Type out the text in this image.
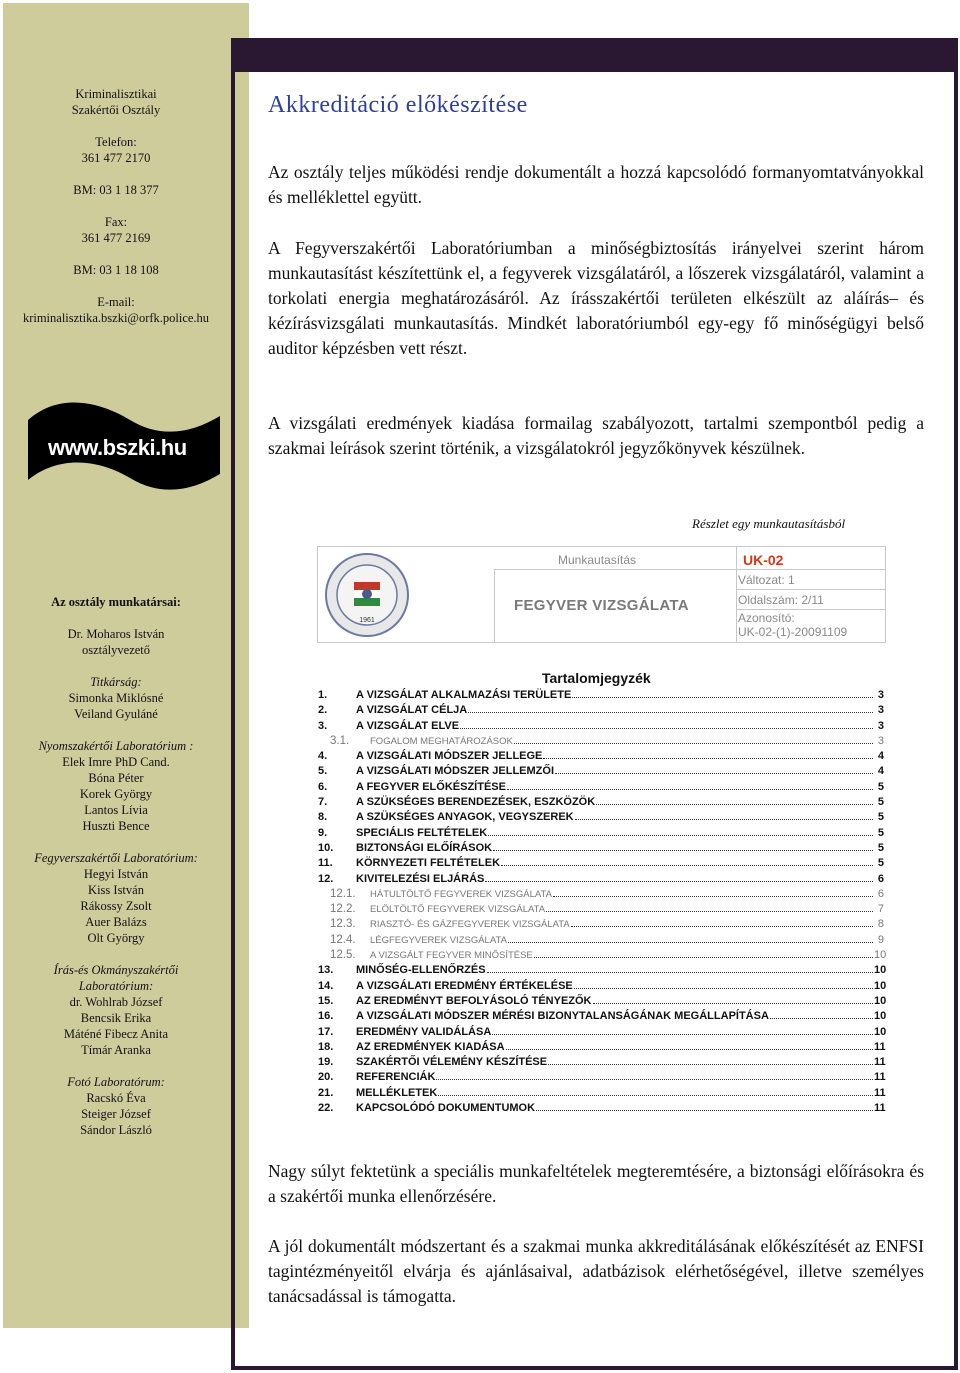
Kriminalisztikai
Szakértői Osztály
Telefon:
361 477 2170
BM: 03 1 18 377
Fax:
361 477 2169
BM: 03 1 18 108
E-mail:
kriminalisztika.bszki@orfk.police.hu
www.bszki.hu
Az osztály munkatársai:
Dr. Moharos István
osztályvezető
Titkárság:
Simonka Miklósné
Veiland Gyuláné
Nyomszakértői Laboratórium :
Elek Imre PhD Cand.
Bóna Péter
Korek György
Lantos Lívia
Huszti Bence
Fegyverszakértői Laboratórium:
Hegyi István
Kiss István
Rákossy Zsolt
Auer Balázs
Olt György
Írás-és Okmányszakértői
Laboratórium:
dr. Wohlrab József
Bencsik Erika
Máténé Fibecz Anita
Tímár Aranka
Fotó Laboratórum:
Racskó Éva
Steiger József
Sándor László
Akkreditáció előkészítése
Az osztály teljes működési rendje dokumentált a hozzá kapcsolódó formanyomtatványokkal és melléklettel együtt.
A Fegyverszakértői Laboratóriumban a minőségbiztosítás irányelvei szerint három munkautasítást készítettünk el, a fegyverek vizsgálatáról, a lőszerek vizsgálatáról, valamint a torkolati energia meghatározásáról. Az írásszakértői területen elkészült az aláírás– és kézírásvizsgálati munkautasítás. Mindkét laboratóriumból egy-egy fő minőségügyi belső auditor képzésben vett részt.
A vizsgálati eredmények kiadása formailag szabályozott, tartalmi szempontból pedig a szakmai leírások szerint történik, a vizsgálatokról jegyzőkönyvek készülnek.
Részlet egy munkautasításból
1961
Munkautasítás
FEGYVER VIZSGÁLATA
UK-02
Változat: 1
Oldalszám: 2/11
Azonosító:
UK-02-(1)-20091109
Tartalomjegyzék
1.	A VIZSGÁLAT ALKALMAZÁSI TERÜLETE	3
2.	A VIZSGÁLAT CÉLJA	3
3.	A VIZSGÁLAT ELVE	3
3.1.	FOGALOM MEGHATÁROZÁSOK	3
4.	A VIZSGÁLATI MÓDSZER JELLEGE	4
5.	A VIZSGÁLATI MÓDSZER JELLEMZŐI	4
6.	A FEGYVER ELŐKÉSZÍTÉSE	5
7.	A SZÜKSÉGES BERENDEZÉSEK, ESZKÖZÖK	5
8.	A SZÜKSÉGES ANYAGOK, VEGYSZEREK	5
9.	SPECIÁLIS FELTÉTELEK	5
10.	BIZTONSÁGI ELŐÍRÁSOK	5
11.	KÖRNYEZETI FELTÉTELEK	5
12.	KIVITELEZÉSI ELJÁRÁS	6
12.1.	HÁTULTÖLTŐ FEGYVEREK VIZSGÁLATA	6
12.2.	ELÖLTÖLTŐ FEGYVEREK VIZSGÁLATA	7
12.3.	RIASZTÓ- ÉS GÁZFEGYVEREK VIZSGÁLATA	8
12.4.	LÉGFEGYVEREK VIZSGÁLATA	9
12.5.	A VIZSGÁLT FEGYVER MINŐSÍTÉSE	10
13.	MINŐSÉG-ELLENŐRZÉS	10
14.	A VIZSGÁLATI EREDMÉNY ÉRTÉKELÉSE	10
15.	AZ EREDMÉNYT BEFOLYÁSOLÓ TÉNYEZŐK	10
16.	A VIZSGÁLATI MÓDSZER MÉRÉSI BIZONYTALANSÁGÁNAK MEGÁLLAPÍTÁSA	10
17.	EREDMÉNY VALIDÁLÁSA	10
18.	AZ EREDMÉNYEK KIADÁSA	11
19.	SZAKÉRTŐI VÉLEMÉNY KÉSZÍTÉSE	11
20.	REFERENCIÁK	11
21.	MELLÉKLETEK	11
22.	KAPCSOLÓDÓ DOKUMENTUMOK	11
Nagy súlyt fektetünk a speciális munkafeltételek megteremtésére, a biztonsági előírásokra és a szakértői munka ellenőrzésére.
A jól dokumentált módszertant és a szakmai munka akkreditálásának előkészítését az ENFSI tagintézményeitől elvárja és ajánlásaival, adatbázisok elérhetőségével, illetve személyes tanácsadással is támogatta.
